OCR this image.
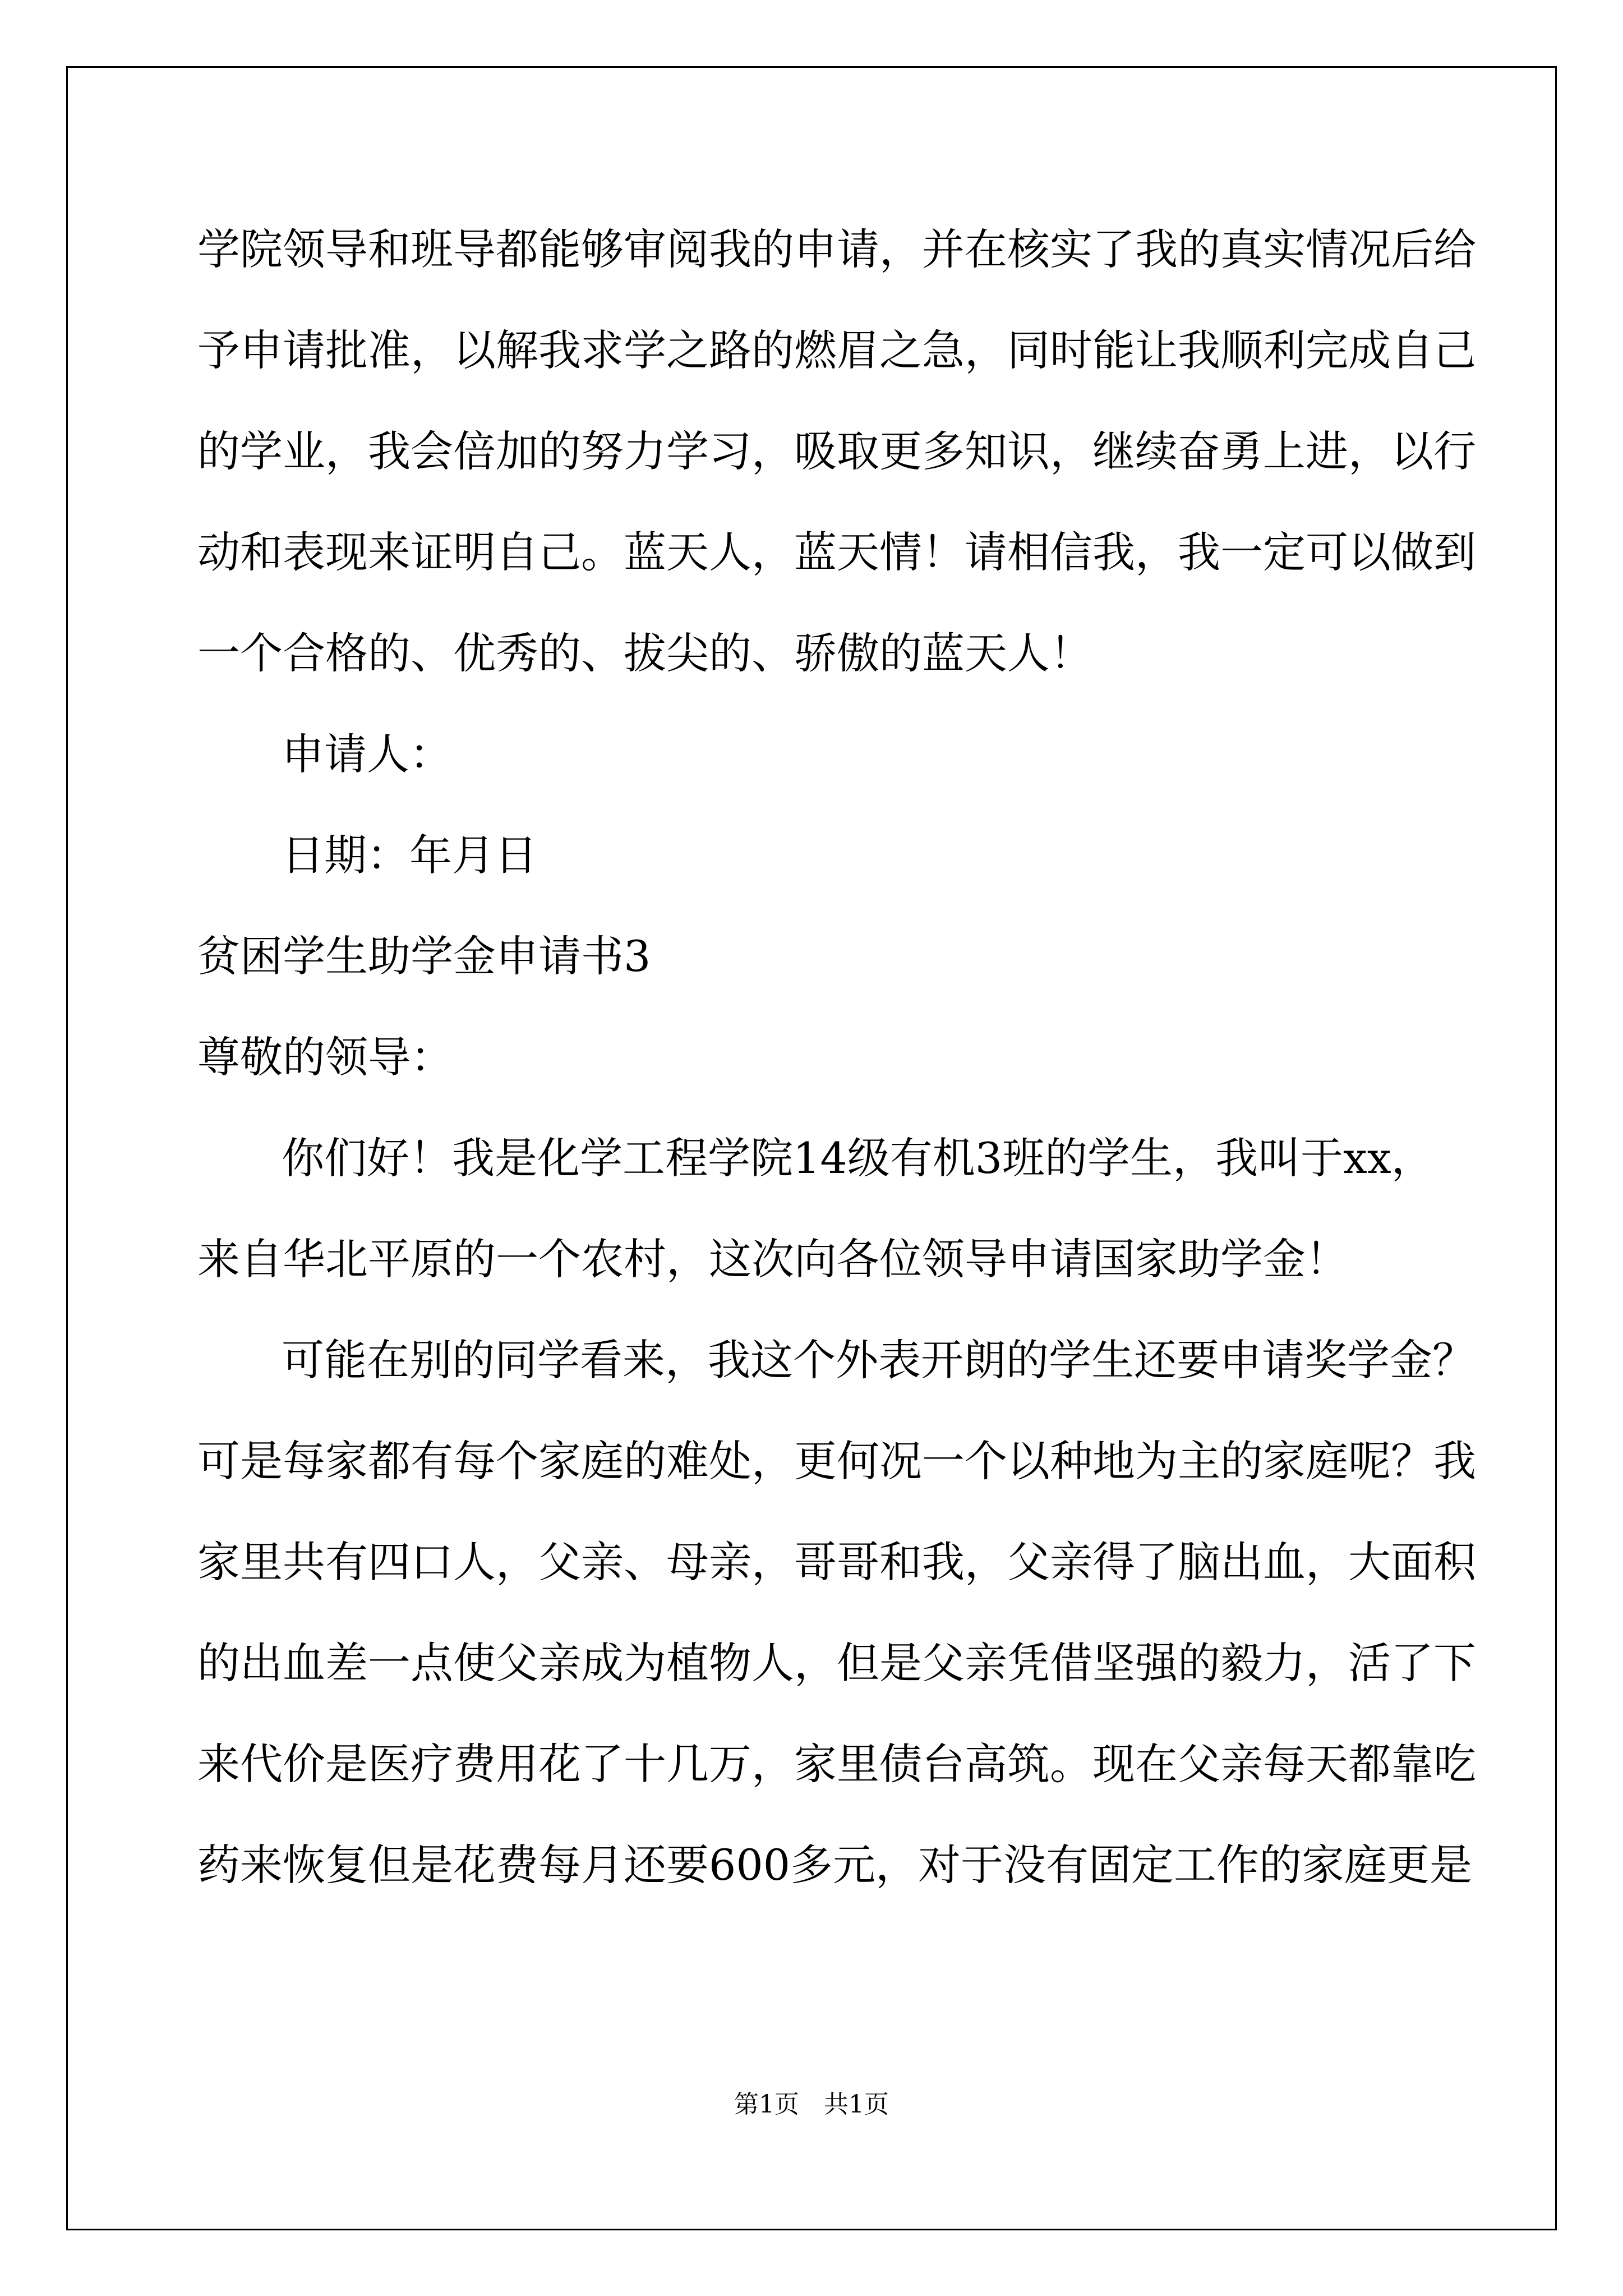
学院领导和班导都能够审阅我的申请，并在核实了我的真实情况后给
予申请批准，以解我求学之路的燃眉之急，同时能让我顺利完成自己
的学业，我会倍加的努力学习，吸取更多知识，继续奋勇上进，以行
动和表现来证明自己。蓝天人，蓝天情！请相信我，我一定可以做到
一个合格的、优秀的、拔尖的、骄傲的蓝天人！
申请人：
日期：年月日
贫困学生助学金申请书3
尊敬的领导：
你们好！我是化学工程学院14级有机3班的学生，我叫于xx，
来自华北平原的一个农村，这次向各位领导申请国家助学金！
可能在别的同学看来，我这个外表开朗的学生还要申请奖学金？
可是每家都有每个家庭的难处，更何况一个以种地为主的家庭呢？我
家里共有四口人，父亲、母亲，哥哥和我，父亲得了脑出血，大面积
的出血差一点使父亲成为植物人，但是父亲凭借坚强的毅力，活了下
来代价是医疗费用花了十几万，家里债台高筑。现在父亲每天都靠吃
药来恢复但是花费每月还要600多元，对于没有固定工作的家庭更是
第1页　共1页
